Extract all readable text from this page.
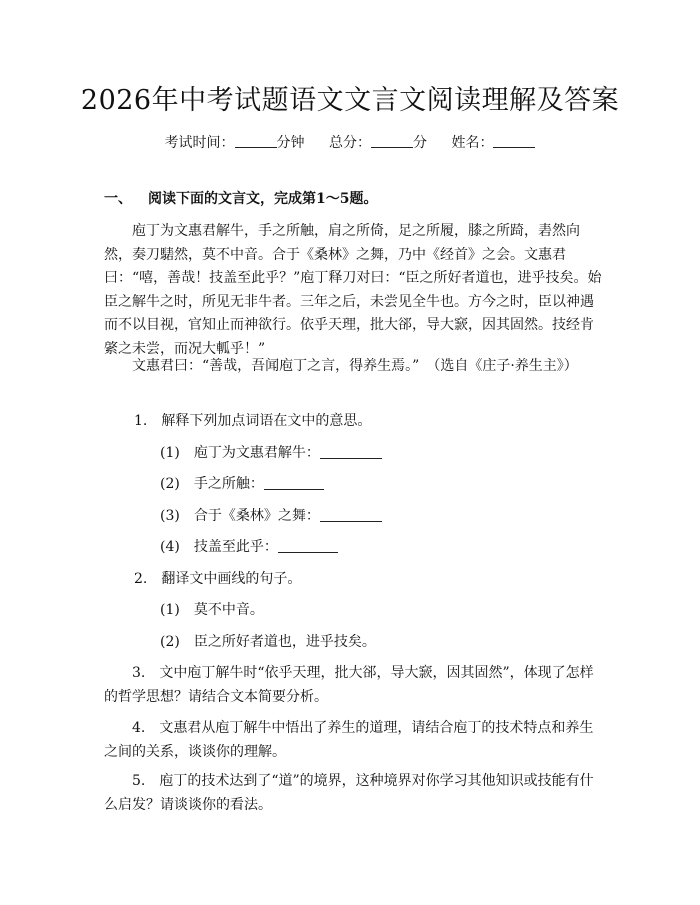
2026年中考试题语文文言文阅读理解及答案
考试时间：	分钟 总分：	分 姓名：
一、 阅读下面的文言文，完成第1～5题。

庖丁为文惠君解牛，手之所触，肩之所倚，足之所履，膝之所踦，砉然向然，奏刀騞然，莫不中音。合于《桑林》之舞，乃中《经首》之会。文惠君曰：“嘻，善哉！技盖至此乎？”庖丁释刀对曰：“臣之所好者道也，进乎技矣。始臣之解牛之时，所见无非牛者。三年之后，未尝见全牛也。方今之时，臣以神遇而不以目视，官知止而神欲行。依乎天理，批大郤，导大窾，因其固然。技经肯綮之未尝，而况大軱乎！”

文惠君曰：“善哉，吾闻庖丁之言，得养生焉。”　（选自《庄子·养生主》）

1.　解释下列加点词语在文中的意思。

(1)　庖丁为文惠君解牛：

(2)　手之所触：

(3)　合于《桑林》之舞：

(4)　技盖至此乎：

2.　翻译文中画线的句子。

(1)　莫不中音。

(2)　臣之所好者道也，进乎技矣。

3.　文中庖丁解牛时“依乎天理，批大郤，导大窾，因其固然”，体现了怎样的哲学思想？请结合文本简要分析。

4.　文惠君从庖丁解牛中悟出了养生的道理，请结合庖丁的技术特点和养生之间的关系，谈谈你的理解。

5.　庖丁的技术达到了“道”的境界，这种境界对你学习其他知识或技能有什么启发？请谈谈你的看法。
